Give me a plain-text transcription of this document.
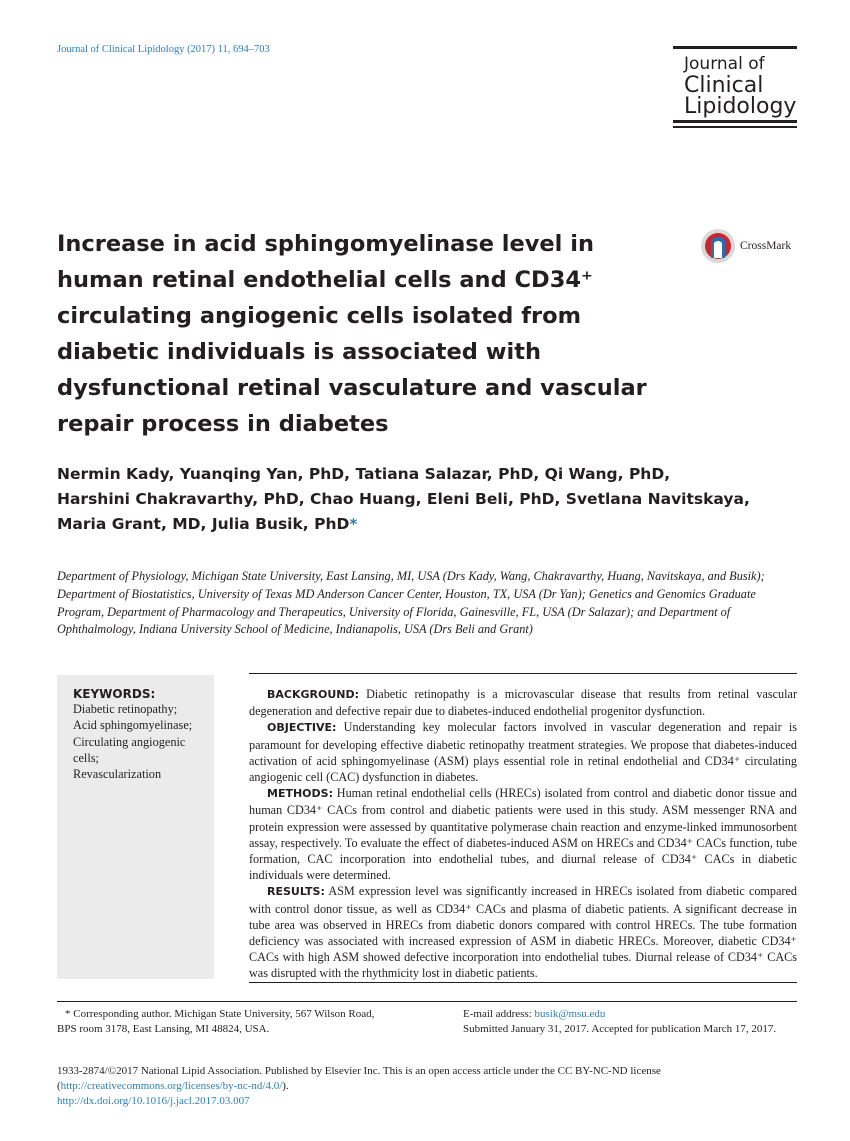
Journal of Clinical Lipidology (2017) 11, 694–703
Journal of
Clinical
Lipidology
Increase in acid sphingomyelinase level in human retinal endothelial cells and CD34⁺ circulating angiogenic cells isolated from diabetic individuals is associated with dysfunctional retinal vasculature and vascular repair process in diabetes
CrossMark
Nermin Kady, Yuanqing Yan, PhD, Tatiana Salazar, PhD, Qi Wang, PhD,
Harshini Chakravarthy, PhD, Chao Huang, Eleni Beli, PhD, Svetlana Navitskaya,
Maria Grant, MD, Julia Busik, PhD*
Department of Physiology, Michigan State University, East Lansing, MI, USA (Drs Kady, Wang, Chakravarthy, Huang, Navitskaya, and Busik); Department of Biostatistics, University of Texas MD Anderson Cancer Center, Houston, TX, USA (Dr Yan); Genetics and Genomics Graduate Program, Department of Pharmacology and Therapeutics, University of Florida, Gainesville, FL, USA (Dr Salazar); and Department of Ophthalmology, Indiana University School of Medicine, Indianapolis, USA (Drs Beli and Grant)
KEYWORDS:
Diabetic retinopathy;
Acid sphingomyelinase;
Circulating angiogenic
cells;
Revascularization

BACKGROUND: Diabetic retinopathy is a microvascular disease that results from retinal vascular degeneration and defective repair due to diabetes-induced endothelial progenitor dysfunction.

OBJECTIVE: Understanding key molecular factors involved in vascular degeneration and repair is paramount for developing effective diabetic retinopathy treatment strategies. We propose that diabetes-induced activation of acid sphingomyelinase (ASM) plays essential role in retinal endothelial and CD34⁺ circulating angiogenic cell (CAC) dysfunction in diabetes.

METHODS: Human retinal endothelial cells (HRECs) isolated from control and diabetic donor tissue and human CD34⁺ CACs from control and diabetic patients were used in this study. ASM messenger RNA and protein expression were assessed by quantitative polymerase chain reaction and enzyme-linked immunosorbent assay, respectively. To evaluate the effect of diabetes-induced ASM on HRECs and CD34⁺ CACs function, tube formation, CAC incorporation into endothelial tubes, and diurnal release of CD34⁺ CACs in diabetic individuals were determined.

RESULTS: ASM expression level was significantly increased in HRECs isolated from diabetic compared with control donor tissue, as well as CD34⁺ CACs and plasma of diabetic patients. A significant decrease in tube area was observed in HRECs from diabetic donors compared with control HRECs. The tube formation deficiency was associated with increased expression of ASM in diabetic HRECs. Moreover, diabetic CD34⁺ CACs with high ASM showed defective incorporation into endothelial tubes. Diurnal release of CD34⁺ CACs was disrupted with the rhythmicity lost in diabetic patients.

* Corresponding author. Michigan State University, 567 Wilson Road,
BPS room 3178, East Lansing, MI 48824, USA.
E-mail address: busik@msu.edu
Submitted January 31, 2017. Accepted for publication March 17, 2017.
1933-2874/©2017 National Lipid Association. Published by Elsevier Inc. This is an open access article under the CC BY-NC-ND license (http://creativecommons.org/licenses/by-nc-nd/4.0/).
http://dx.doi.org/10.1016/j.jacl.2017.03.007
